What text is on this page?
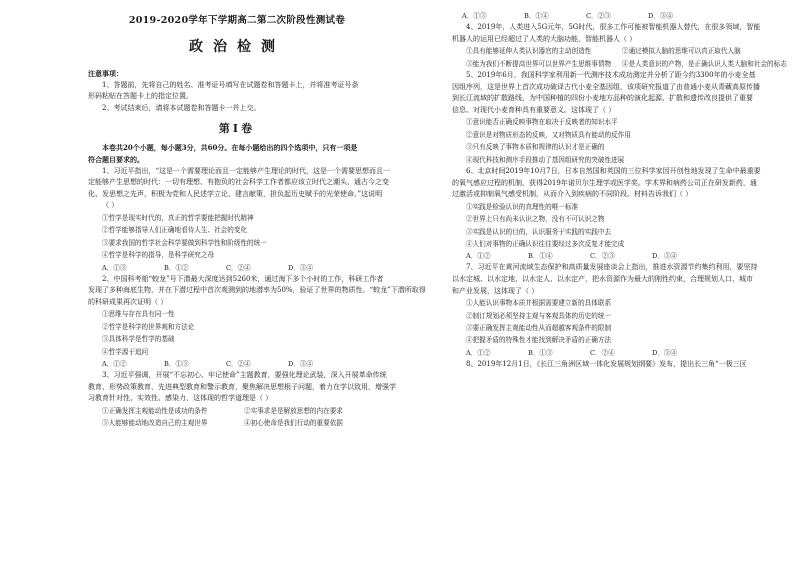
2019-2020学年下学期高二第二次阶段性测试卷
政治检测
注意事项：
1、答题前，先将自己的姓名、准考证号填写在试题卷和答题卡上，并将准考证号条
形码粘贴在答题卡上的指定位置。
2、考试结束后，请将本试题卷和答题卡一并上交。
第Ⅰ卷
本卷共20个小题，每小题3分，共60分。在每小题给出的四个选项中，只有一项是
符合题目要求的。
1、习近平指出，“这是一个需要理论而且一定能够产生理论的时代，这是一个需要思想而且一
定能够产生思想的时代：一切有理想、有抱负的社会科学工作者都应该立时代之潮头、通古今之变
化、发思想之先声，积极为党和人民述学立论、建言献策，担负起历史赋予的光荣使命。”这说明
（ ）
①哲学是现实时代的，真正的哲学要能把握时代精神
②哲学能够指导人们正确地看待人生、社会的变化
③要求我国的哲学社会科学要做到科学性和阶级性的统一
④哲学是科学的指导，是科学研究之母
A．①③	B．①②	C．②④	D．③④
2、中国科考船“蛟龙”号下潜最大深度达到5260米，通过海下多个小时的工作，科研工作者
发现了多种海底生物，并在下潜过程中首次观测到的地潜率为50%，验证了世界的物质性。“蛟龙”下潜所取得
的科研成果再次证明（ ）
①思维与存在具有同一性
②哲学是科学的世界观和方法论
③具体科学是哲学的基础
④哲学源于追问
A．①②	B．①③	C．②④	D．③④
3、习近平强调，开展“不忘初心、牢记使命”主题教育，要强化理论武装，深入开展革命传统
教育、形势政策教育、先进典型教育和警示教育，聚焦解决思想根子问题，着力在学以致用，增强学
习教育针对性、实效性、感染力，这体现的哲学道理是（ ）
①正确发挥主观能动性是成功的条件	②实事求是是解放思想的内在要求
③人能够能动地改造自己的主观世界	④初心使命是我们行动的重要依据
A．①③	B．①④	C．②③	D．③④
4、2019年，人类进入5G元年，5G时代，很多工作可能被智能机器人替代，在很多领域，智能
机器人的运用已经超过了人类的大脑功能，智能机器人（ ）
①具有能够延伸人类认识器官的主动创造性	②通过模拟人脑的思维可以真正取代人脑
③能为我们不断提高世界可以世界产生思维事情物	④是人类意识的产物，是正确认识人类大脑和社会的标志
5、2019年6月，我国科学家利用新一代测序技术成功测定并分析了距今约3300年的小麦全基
因组序列，这是世界上首次成功破译古代小麦全基因组，该项研究报道了由普通小麦从青藏高原传播
到长江流域的扩散路线，为中国种植的四份小麦地方品种的演化起源、扩散和遗传改良提供了重要
信息。对现代小麦育种具有重要意义。这体现了（ ）
①意识能否正确反映事物在取决于反映者的知识水平
②意识是对物质形态的反映，又对物质具有能动的反作用
③只有反映了事物本质和规律的认识才是正确的
④现代科技和测序手段推动了基因组研究的突破性进展
6、北京时间2019年10月7日，日本自然国和英国的三位科学家因开创性地发现了生命中最重要
的氧气感应过程的机制，获得2019年诺贝尔生理学或医学奖。学术界和病药公司正在研发新药，通
过激活或抑制氧气感受机制，从而介入到疾病的不同阶段。材料告诉我们（ ）
①实践是检验认识的真理性的唯一标准
②世界上只有尚未认识之物，没有不可认识之物
③实践是认识的目的，认识服务于实践的实践中去
④人们对事物的正确认识往往要经过多次反复才能完成
A．①②	B．①④	C．②③	D．③④
7、习近平在黄河流域生态保护和高质量发展座谈会上指出，推进水资源节约集约利用，要坚持
以水定城、以水定地、以水定人、以水定产，把水资源作为最大的刚性约束，合理规划人口、城市
和产业发展，这体现了（ ）
①人能认识事物本质并根据需要建立新的具体联系
②制订规划必须坚持主观与客观具体的历史的统一
③要正确发挥主观能动性从而超越客观条件的限制
④把握矛盾的特殊性才能找到解决矛盾的正确方法
A．①②	B．①③	C．②④	D．③④
8、2019年12月1日，《长江三角洲区域一体化发展规划纲要》发布，提出长三角“一极三区
